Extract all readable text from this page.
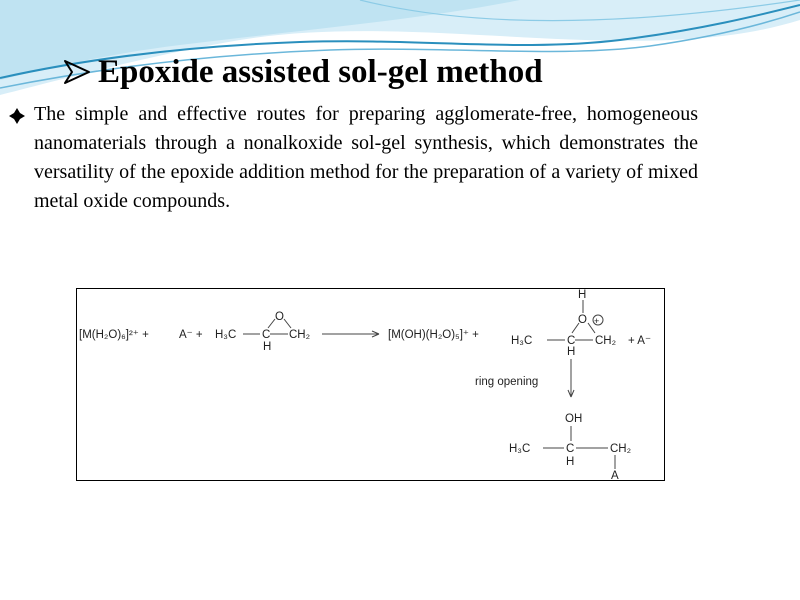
Epoxide assisted sol-gel method
The simple and effective routes for preparing agglomerate-free, homogeneous nanomaterials through a nonalkoxide sol-gel synthesis, which demonstrates the versatility of the epoxide addition method for the preparation of a variety of mixed metal oxide compounds.
[M(H₂O)₆]²⁺ +	A⁻ + H₃C C
H
O
CH₂	[M(OH)(H₂O)₅]⁺ +	H₃C	C
H
O
H
+
CH₂ + A⁻
ring opening
OH
H₃C	C
H
CH₂
A
